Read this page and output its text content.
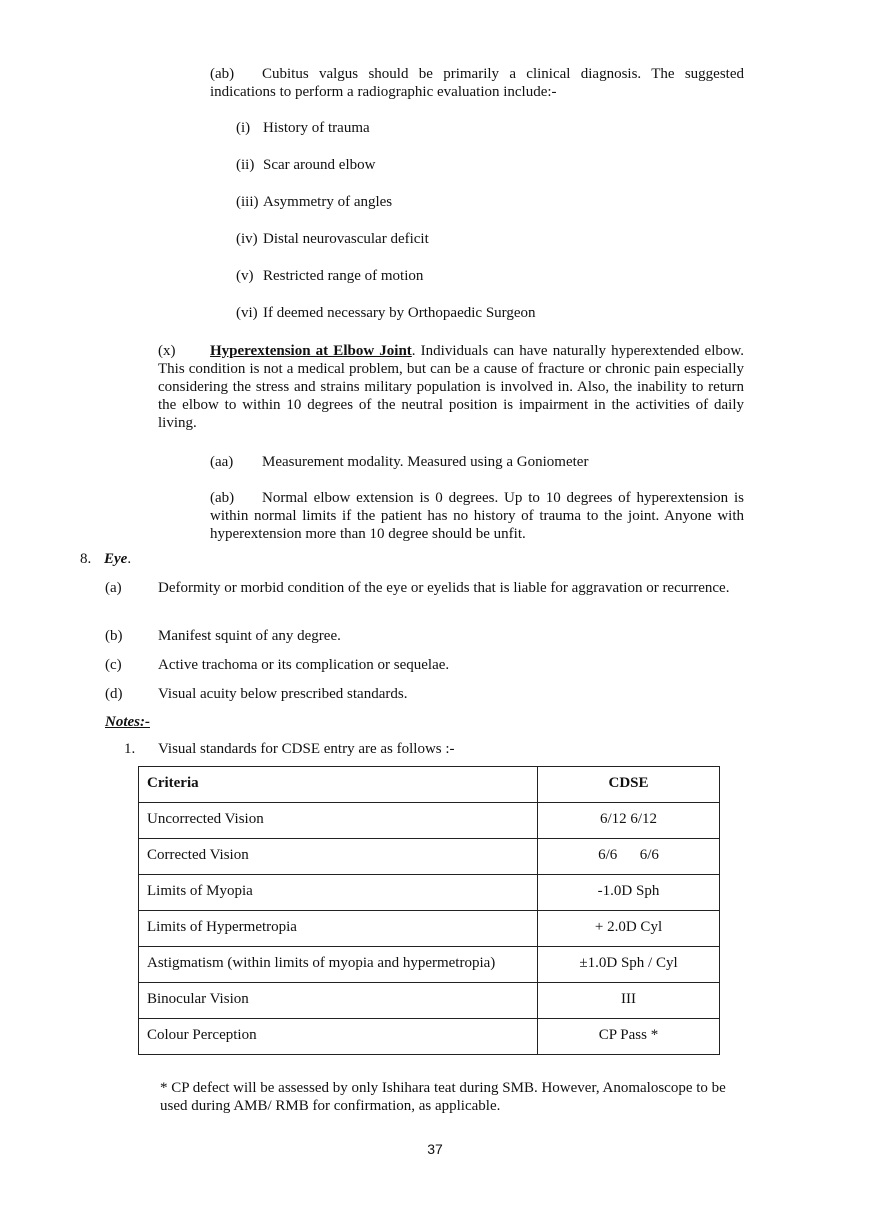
(ab) Cubitus valgus should be primarily a clinical diagnosis. The suggested indications to perform a radiographic evaluation include:-
(i) History of trauma
(ii) Scar around elbow
(iii) Asymmetry of angles
(iv) Distal neurovascular deficit
(v) Restricted range of motion
(vi) If deemed necessary by Orthopaedic Surgeon
(x) Hyperextension at Elbow Joint. Individuals can have naturally hyperextended elbow. This condition is not a medical problem, but can be a cause of fracture or chronic pain especially considering the stress and strains military population is involved in. Also, the inability to return the elbow to within 10 degrees of the neutral position is impairment in the activities of daily living.
(aa) Measurement modality. Measured using a Goniometer
(ab) Normal elbow extension is 0 degrees. Up to 10 degrees of hyperextension is within normal limits if the patient has no history of trauma to the joint. Anyone with hyperextension more than 10 degree should be unfit.
8. Eye.
(a) Deformity or morbid condition of the eye or eyelids that is liable for aggravation or recurrence.
(b) Manifest squint of any degree.
(c) Active trachoma or its complication or sequelae.
(d) Visual acuity below prescribed standards.
Notes:-
1. Visual standards for CDSE entry are as follows :-
Criteria	CDSE
Uncorrected Vision	6/12 6/12
Corrected Vision	6/6      6/6
Limits of Myopia	-1.0D Sph
Limits of Hypermetropia	+ 2.0D Cyl
Astigmatism (within limits of myopia and hypermetropia)	±1.0D Sph / Cyl
Binocular Vision	III
Colour Perception	CP Pass *
* CP defect will be assessed by only Ishihara teat during SMB. However, Anomaloscope to be used during AMB/ RMB for confirmation, as applicable.
37
